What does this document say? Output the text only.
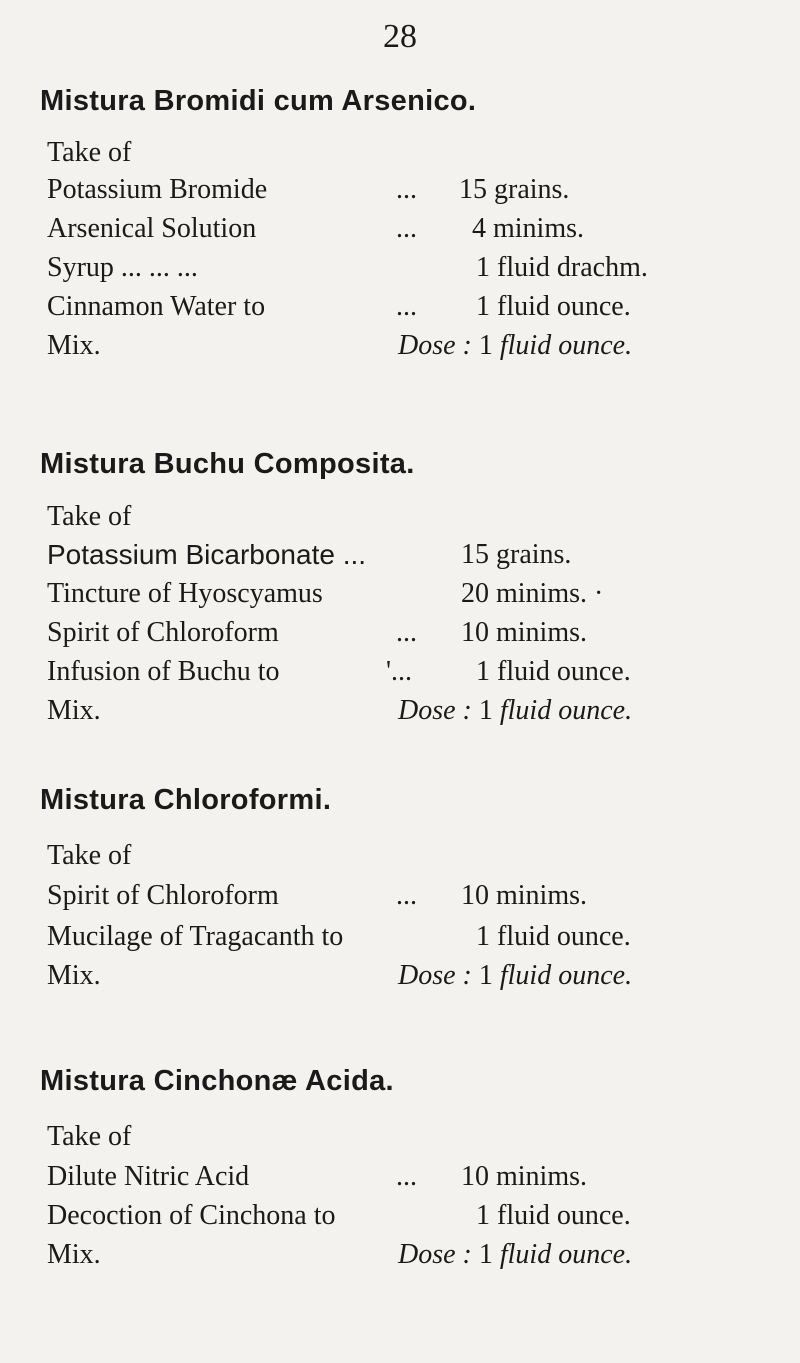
28
Mistura Bromidi cum Arsenico.
Take of
Potassium Bromide	... 15 grains.
Arsenical Solution	... 4 minims.
Syrup ... ... ...	1 fluid drachm.
Cinnamon Water to	... 1 fluid ounce.
Mix.	Dose : 1 fluid ounce.
Mistura Buchu Composita.
Take of
Potassium Bicarbonate ...	15 grains.
Tincture of Hyoscyamus	20 minims. ·
Spirit of Chloroform	... 10 minims.
Infusion of Buchu to	'... 1 fluid ounce.
Mix.	Dose : 1 fluid ounce.
Mistura Chloroformi.
Take of
Spirit of Chloroform	... 10 minims.
Mucilage of Tragacanth to	1 fluid ounce.
Mix.	Dose : 1 fluid ounce.
Mistura Cinchonæ Acida.
Take of
Dilute Nitric Acid	... 10 minims.
Decoction of Cinchona to	1 fluid ounce.
Mix.	Dose : 1 fluid ounce.
